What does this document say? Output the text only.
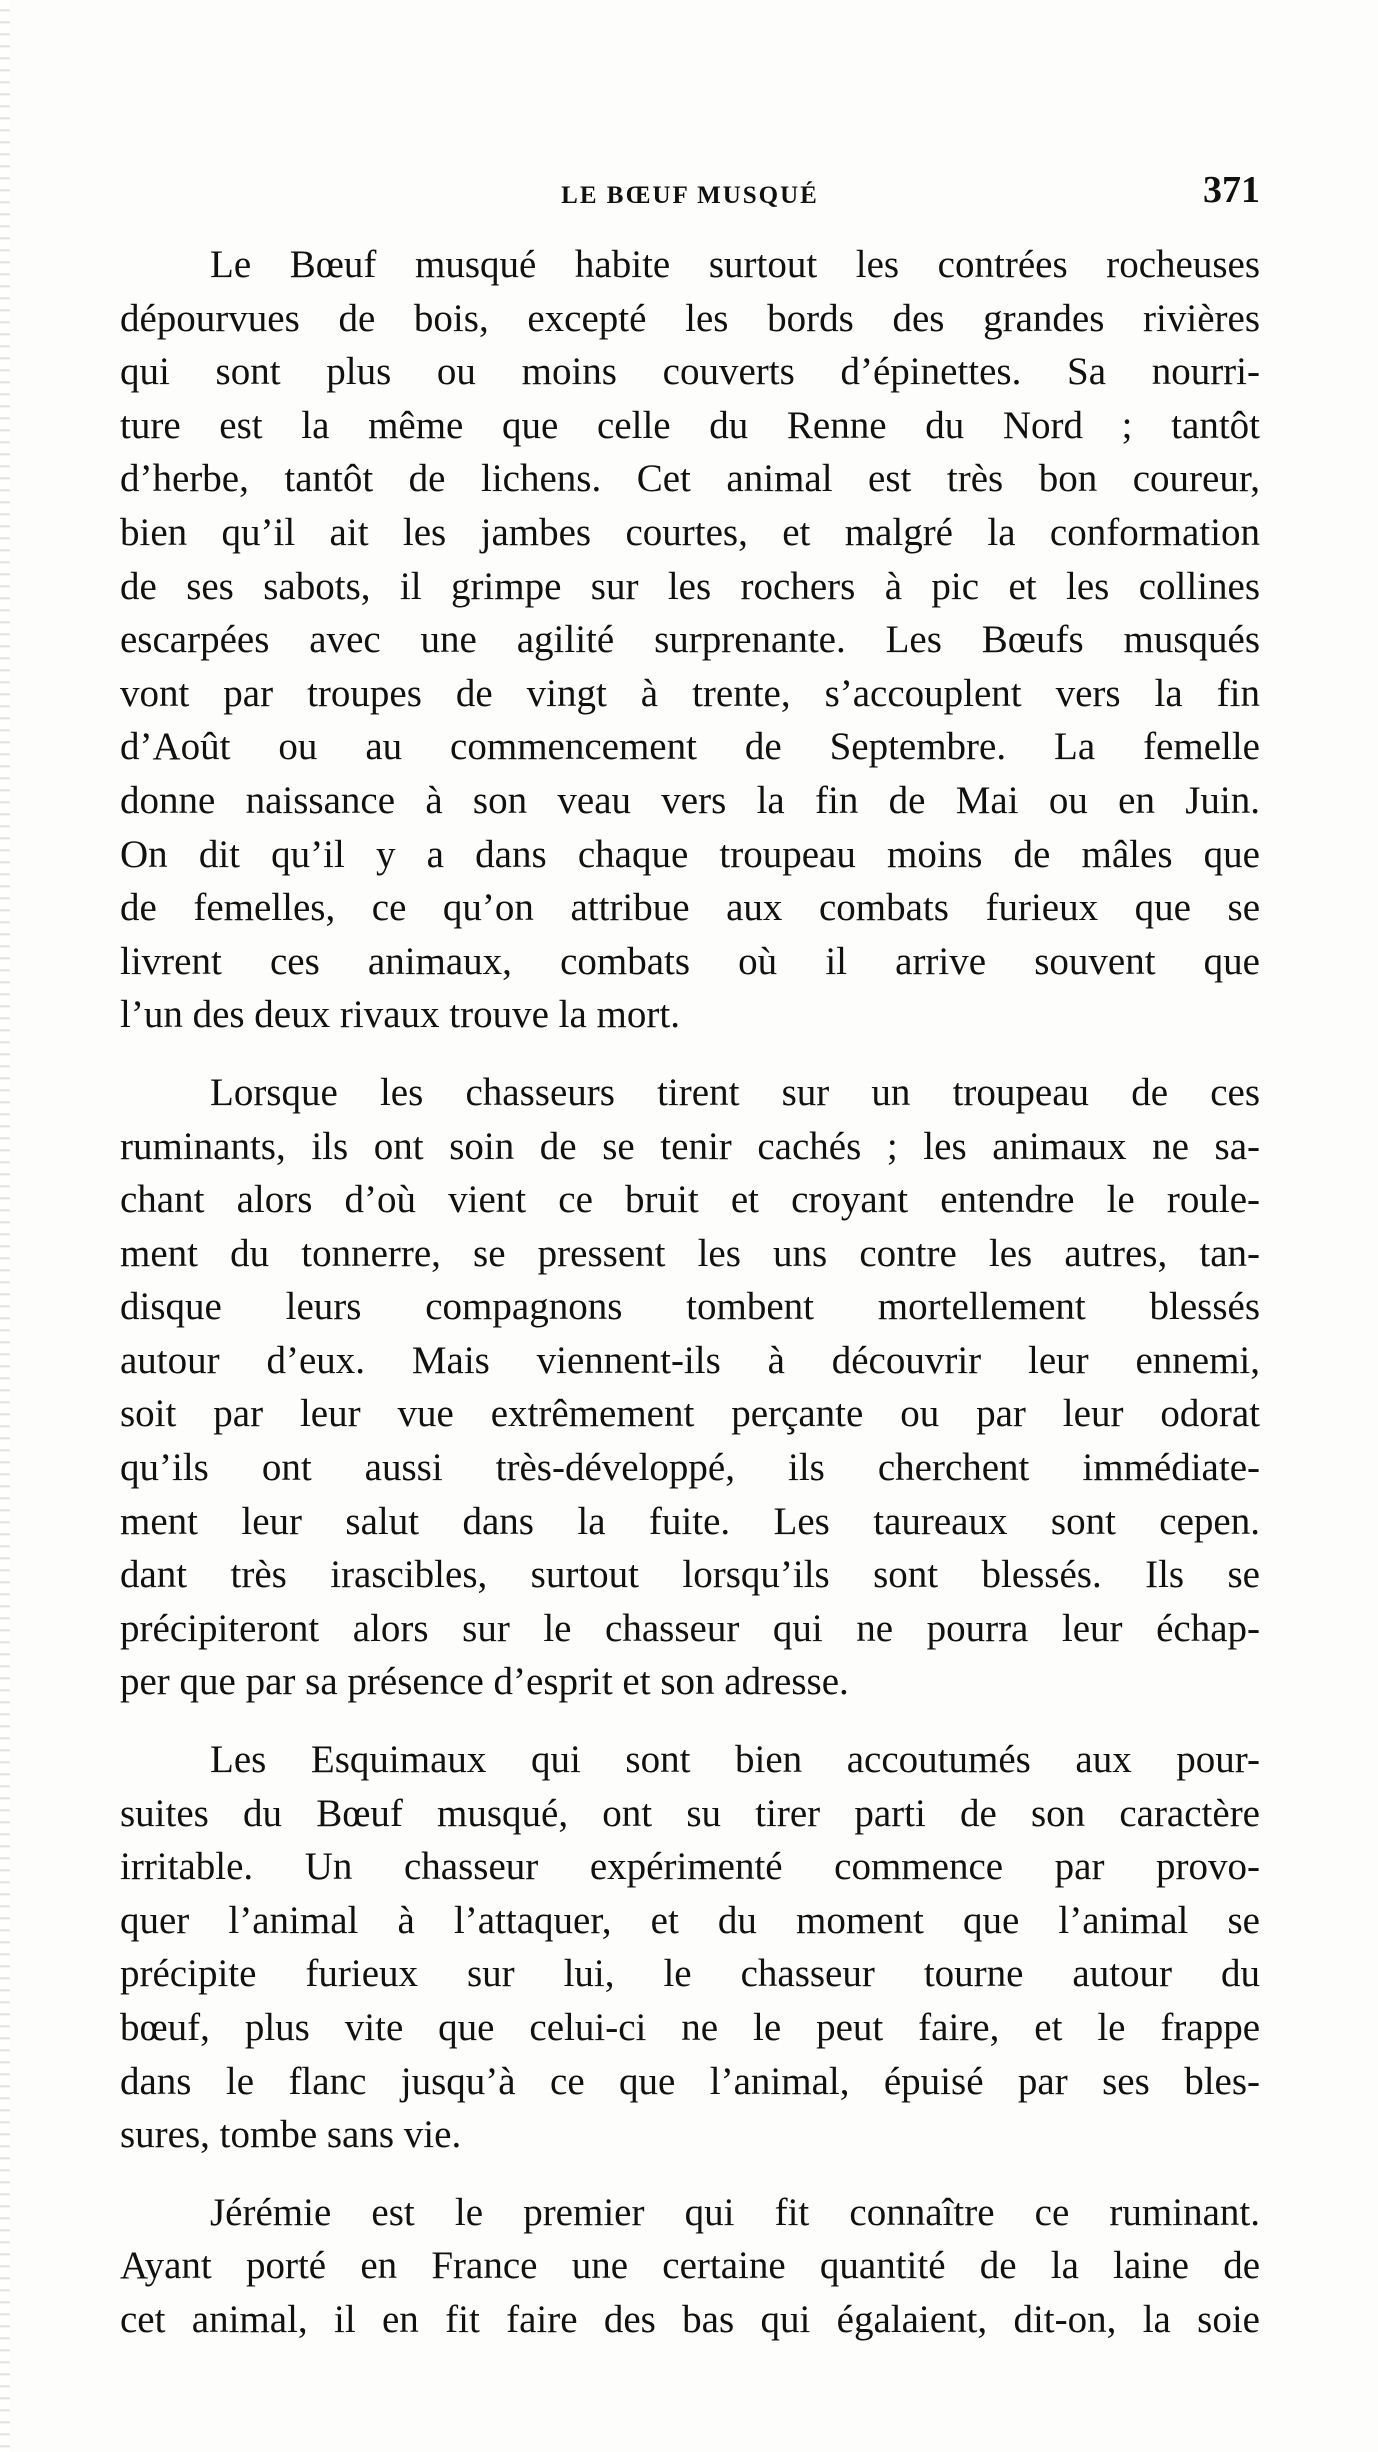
LE BŒUF MUSQUÉ	371
Le Bœuf musqué habite surtout les contrées rocheuses
dépourvues de bois, excepté les bords des grandes rivières
qui sont plus ou moins couverts d’épinettes. Sa nourri-
ture est la même que celle du Renne du Nord ; tantôt
d’herbe, tantôt de lichens. Cet animal est très bon coureur,
bien qu’il ait les jambes courtes, et malgré la conformation
de ses sabots, il grimpe sur les rochers à pic et les collines
escarpées avec une agilité surprenante. Les Bœufs musqués
vont par troupes de vingt à trente, s’accouplent vers la fin
d’Août ou au commencement de Septembre. La femelle
donne naissance à son veau vers la fin de Mai ou en Juin.
On dit qu’il y a dans chaque troupeau moins de mâles que
de femelles, ce qu’on attribue aux combats furieux que se
livrent ces animaux, combats où il arrive souvent que
l’un des deux rivaux trouve la mort.
Lorsque les chasseurs tirent sur un troupeau de ces
ruminants, ils ont soin de se tenir cachés ; les animaux ne sa-
chant alors d’où vient ce bruit et croyant entendre le roule-
ment du tonnerre, se pressent les uns contre les autres, tan-
disque leurs compagnons tombent mortellement blessés
autour d’eux. Mais viennent-ils à découvrir leur ennemi,
soit par leur vue extrêmement perçante ou par leur odorat
qu’ils ont aussi très-développé, ils cherchent immédiate-
ment leur salut dans la fuite. Les taureaux sont cepen.
dant très irascibles, surtout lorsqu’ils sont blessés. Ils se
précipiteront alors sur le chasseur qui ne pourra leur échap-
per que par sa présence d’esprit et son adresse.
Les Esquimaux qui sont bien accoutumés aux pour-
suites du Bœuf musqué, ont su tirer parti de son caractère
irritable. Un chasseur expérimenté commence par provo-
quer l’animal à l’attaquer, et du moment que l’animal se
précipite furieux sur lui, le chasseur tourne autour du
bœuf, plus vite que celui-ci ne le peut faire, et le frappe
dans le flanc jusqu’à ce que l’animal, épuisé par ses bles-
sures, tombe sans vie.
Jérémie est le premier qui fit connaître ce ruminant.
Ayant porté en France une certaine quantité de la laine de
cet animal, il en fit faire des bas qui égalaient, dit-on, la soie
